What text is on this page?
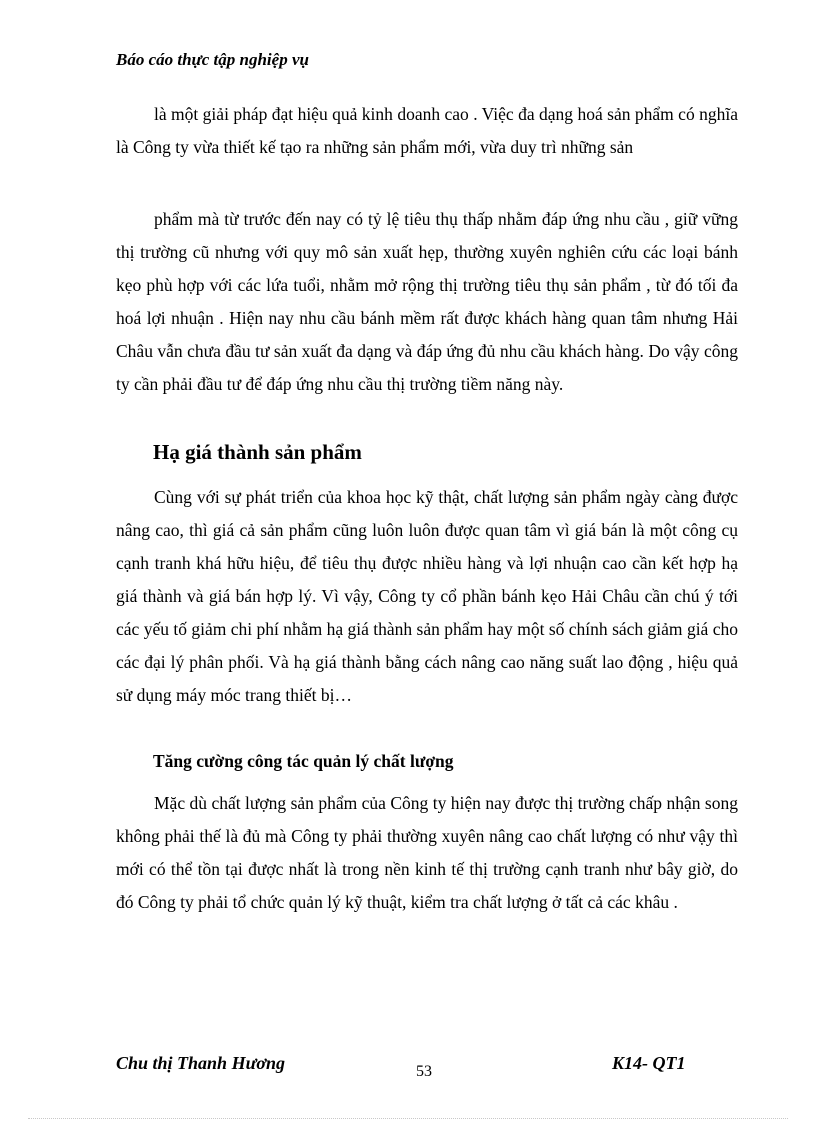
Báo cáo thực tập nghiệp vụ

là một giải pháp đạt hiệu quả kinh doanh cao . Việc đa dạng hoá sản phẩm có nghĩa là Công ty vừa thiết kế tạo ra những sản phẩm mới, vừa duy trì những sản

phẩm mà từ trước đến nay có tỷ lệ tiêu thụ thấp nhằm đáp ứng nhu cầu , giữ vững thị trường cũ nhưng với quy mô sản xuất hẹp, thường xuyên nghiên cứu các loại bánh kẹo phù hợp với các lứa tuổi, nhằm mở rộng thị trường tiêu thụ sản phẩm , từ đó tối đa hoá lợi nhuận . Hiện nay nhu cầu bánh mềm rất được khách hàng quan tâm nhưng Hải Châu vẫn chưa đầu tư sản xuất đa dạng và đáp ứng đủ nhu cầu khách hàng. Do vậy công ty cần phải đầu tư để đáp ứng nhu cầu thị trường tiềm năng này.

Hạ giá thành sản phẩm

Cùng với sự phát triển của khoa học kỹ thật, chất lượng sản phẩm ngày càng được nâng cao, thì giá cả sản phẩm cũng luôn luôn được quan tâm vì giá bán là một công cụ cạnh tranh khá hữu hiệu, để tiêu thụ được nhiều hàng và lợi nhuận cao cần kết hợp hạ giá thành và giá bán hợp lý. Vì vậy, Công ty cổ phần bánh kẹo Hải Châu cần chú ý tới các yếu tố giảm chi phí nhằm hạ giá thành sản phẩm hay một số chính sách giảm giá cho các đại lý phân phối. Và hạ giá thành bằng cách nâng cao năng suất lao động , hiệu quả sử dụng máy móc trang thiết bị…

Tăng cường công tác quản lý chất lượng

Mặc dù chất lượng sản phẩm của Công ty hiện nay được thị trường chấp nhận song không phải thế là đủ mà Công ty phải thường xuyên nâng cao chất lượng có như vậy thì mới có thể tồn tại được nhất là trong nền kinh tế thị trường cạnh tranh như bây giờ, do đó Công ty phải tổ chức quản lý kỹ thuật, kiểm tra chất lượng ở tất cả các khâu .

Chu thị Thanh Hương	53	K14- QT1
